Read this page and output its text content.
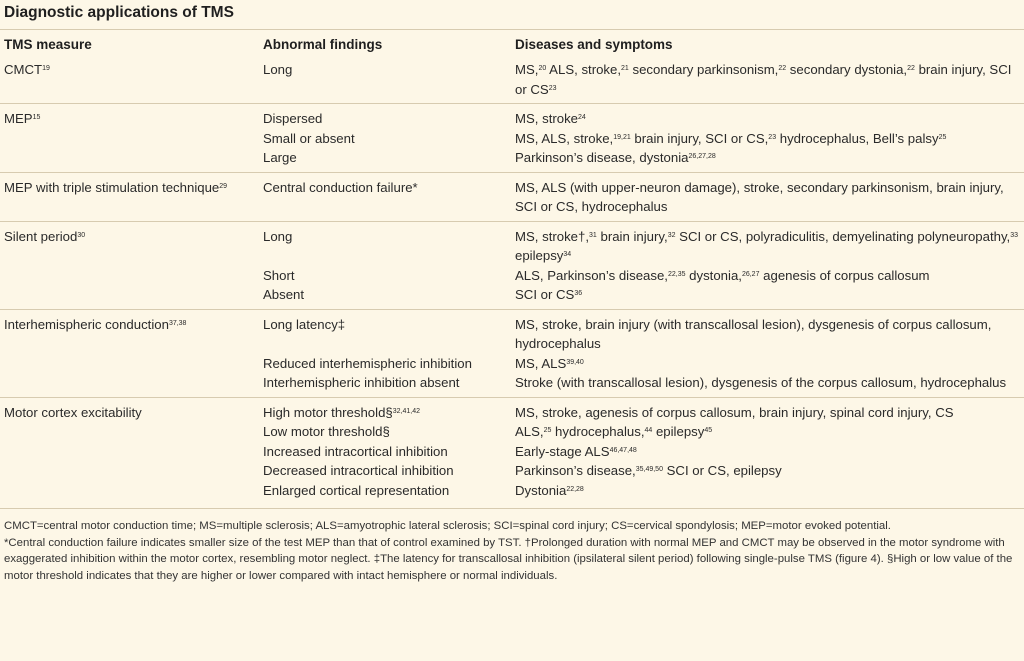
Diagnostic applications of TMS
TMS measure	Abnormal findings	Diseases and symptoms
CMCT$^{19}$	Long	MS,$^{20}$ ALS, stroke,$^{21}$ secondary parkinsonism,$^{22}$ secondary dystonia,$^{22}$ brain injury, SCI or CS$^{23}$
MEP$^{15}$	Dispersed	MS, stroke$^{24}$
	Small or absent	MS, ALS, stroke,$^{19,21}$ brain injury, SCI or CS,$^{23}$ hydrocephalus, Bell’s palsy$^{25}$
	Large	Parkinson’s disease, dystonia$^{26,27,28}$
MEP with triple stimulation technique$^{29}$	Central conduction failure*	MS, ALS (with upper-neuron damage), stroke, secondary parkinsonism, brain injury, SCI or CS, hydrocephalus
Silent period$^{30}$	Long	MS, stroke†,$^{31}$ brain injury,$^{32}$ SCI or CS, polyradiculitis, demyelinating polyneuropathy,$^{33}$ epilepsy$^{34}$
	Short	ALS, Parkinson’s disease,$^{22,35}$ dystonia,$^{26,27}$ agenesis of corpus callosum
	Absent	SCI or CS$^{36}$
Interhemispheric conduction$^{37,38}$	Long latency‡	MS, stroke, brain injury (with transcallosal lesion), dysgenesis of corpus callosum, hydrocephalus
	Reduced interhemispheric inhibition	MS, ALS$^{39,40}$
	Interhemispheric inhibition absent	Stroke (with transcallosal lesion), dysgenesis of the corpus callosum, hydrocephalus
Motor cortex excitability	High motor threshold§$^{32,41,42}$	MS, stroke, agenesis of corpus callosum, brain injury, spinal cord injury, CS
	Low motor threshold§	ALS,$^{25}$ hydrocephalus,$^{44}$ epilepsy$^{45}$
	Increased intracortical inhibition	Early-stage ALS$^{46,47,48}$
	Decreased intracortical inhibition	Parkinson’s disease,$^{35,49,50}$ SCI or CS, epilepsy
	Enlarged cortical representation	Dystonia$^{22,28}$

CMCT=central motor conduction time; MS=multiple sclerosis; ALS=amyotrophic lateral sclerosis; SCI=spinal cord injury; CS=cervical spondylosis; MEP=motor evoked potential.

*Central conduction failure indicates smaller size of the test MEP than that of control examined by TST. †Prolonged duration with normal MEP and CMCT may be observed in the motor syndrome with exaggerated inhibition within the motor cortex, resembling motor neglect. ‡The latency for transcallosal inhibition (ipsilateral silent period) following single-pulse TMS (figure 4). §High or low value of the motor threshold indicates that they are higher or lower compared with intact hemisphere or normal individuals.
